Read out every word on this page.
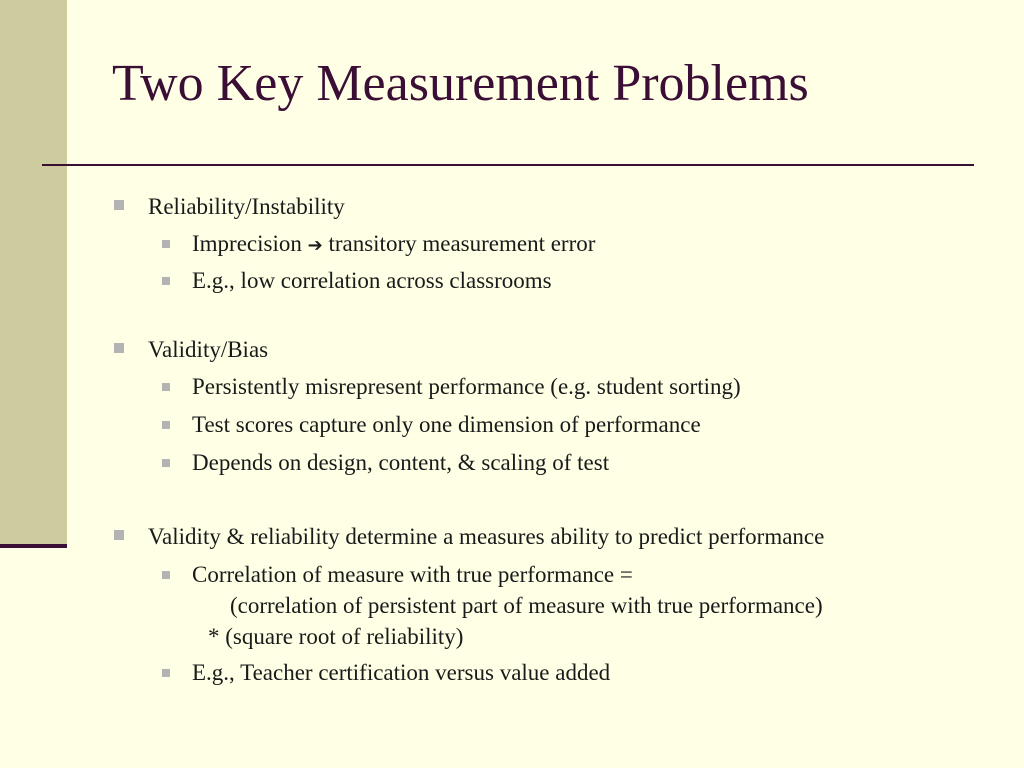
Two Key Measurement Problems
Reliability/Instability
Imprecision ➔ transitory measurement error
E.g., low correlation across classrooms
Validity/Bias
Persistently misrepresent performance (e.g. student sorting)
Test scores capture only one dimension of performance
Depends on design, content, & scaling of test
Validity & reliability determine a measures ability to predict performance
Correlation of measure with true performance =
(correlation of persistent part of measure with true performance)
* (square root of reliability)
E.g., Teacher certification versus value added
